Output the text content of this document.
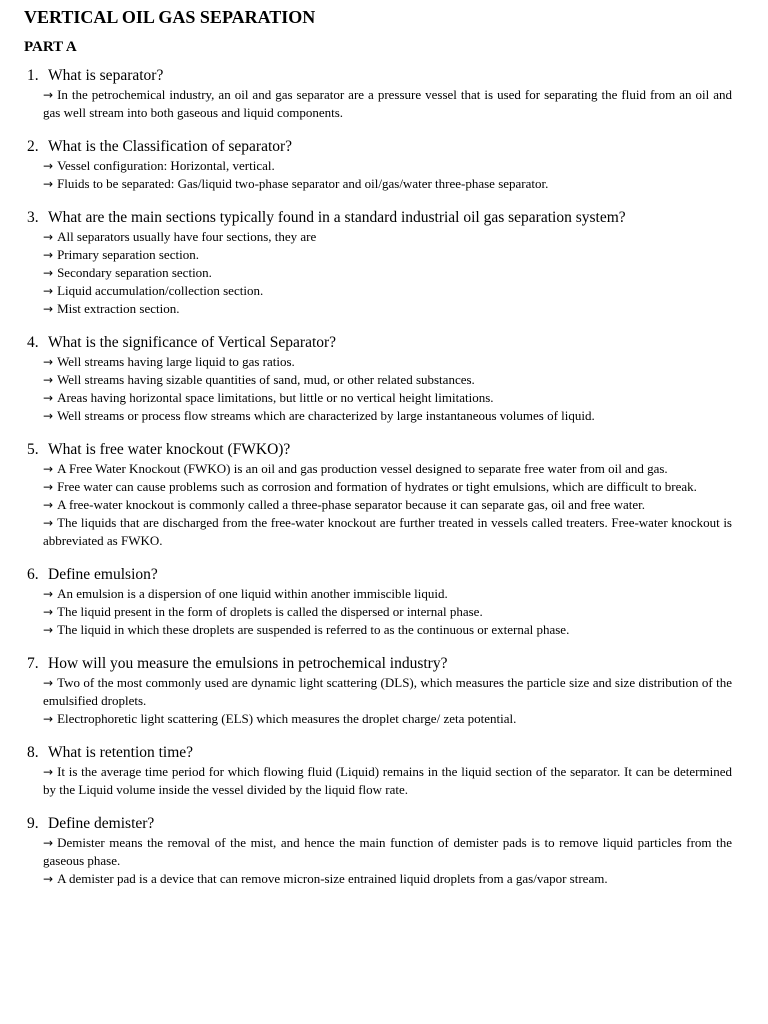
VERTICAL OIL GAS SEPARATION
PART A

1. What is separator?

→ In the petrochemical industry, an oil and gas separator are a pressure vessel that is used for separating the fluid from an oil and gas well stream into both gaseous and liquid components.

2. What is the Classification of separator?

→ Vessel configuration: Horizontal, vertical.
→ Fluids to be separated: Gas/liquid two-phase separator and oil/gas/water three-phase separator.

3. What are the main sections typically found in a standard industrial oil gas separation system?

→ All separators usually have four sections, they are
→ Primary separation section.
→ Secondary separation section.
→ Liquid accumulation/collection section.
→ Mist extraction section.

4. What is the significance of Vertical Separator?

→ Well streams having large liquid to gas ratios.
→ Well streams having sizable quantities of sand, mud, or other related substances.
→ Areas having horizontal space limitations, but little or no vertical height limitations.
→ Well streams or process flow streams which are characterized by large instantaneous volumes of liquid.

5. What is free water knockout (FWKO)?

→ A Free Water Knockout (FWKO) is an oil and gas production vessel designed to separate free water from oil and gas.
→ Free water can cause problems such as corrosion and formation of hydrates or tight emulsions, which are difficult to break.
→ A free-water knockout is commonly called a three-phase separator because it can separate gas, oil and free water.
→ The liquids that are discharged from the free-water knockout are further treated in vessels called treaters. Free-water knockout is abbreviated as FWKO.

6. Define emulsion?

→ An emulsion is a dispersion of one liquid within another immiscible liquid.
→ The liquid present in the form of droplets is called the dispersed or internal phase.
→ The liquid in which these droplets are suspended is referred to as the continuous or external phase.

7. How will you measure the emulsions in petrochemical industry?

→ Two of the most commonly used are dynamic light scattering (DLS), which measures the particle size and size distribution of the emulsified droplets.
→ Electrophoretic light scattering (ELS) which measures the droplet charge/ zeta potential.

8. What is retention time?

→ It is the average time period for which flowing fluid (Liquid) remains in the liquid section of the separator. It can be determined by the Liquid volume inside the vessel divided by the liquid flow rate.

9. Define demister?

→ Demister means the removal of the mist, and hence the main function of demister pads is to remove liquid particles from the gaseous phase.
→ A demister pad is a device that can remove micron-size entrained liquid droplets from a gas/vapor stream.
